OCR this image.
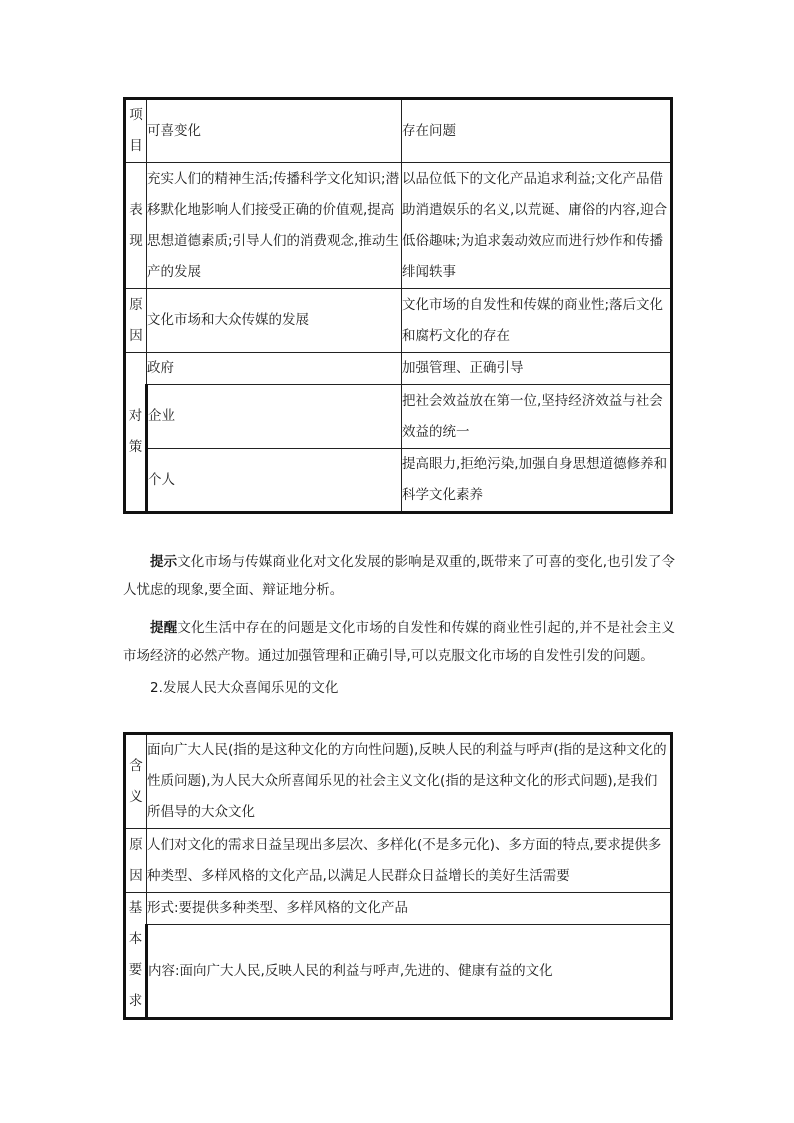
项目	可喜变化	存在问题
表现	充实人们的精神生活;传播科学文化知识;潜移默化地影响人们接受正确的价值观,提高思想道德素质;引导人们的消费观念,推动生产的发展	以品位低下的文化产品追求利益;文化产品借助消遣娱乐的名义,以荒诞、庸俗的内容,迎合低俗趣味;为追求轰动效应而进行炒作和传播绯闻轶事
原因	文化市场和大众传媒的发展	文化市场的自发性和传媒的商业性;落后文化和腐朽文化的存在
对策	政府	加强管理、正确引导
	企业	把社会效益放在第一位,坚持经济效益与社会效益的统一
	个人	提高眼力,拒绝污染,加强自身思想道德修养和科学文化素养

提示文化市场与传媒商业化对文化发展的影响是双重的,既带来了可喜的变化,也引发了令人忧虑的现象,要全面、辩证地分析。

提醒文化生活中存在的问题是文化市场的自发性和传媒的商业性引起的,并不是社会主义市场经济的必然产物。通过加强管理和正确引导,可以克服文化市场的自发性引发的问题。

2.发展人民大众喜闻乐见的文化

含义	面向广大人民(指的是这种文化的方向性问题),反映人民的利益与呼声(指的是这种文化的性质问题),为人民大众所喜闻乐见的社会主义文化(指的是这种文化的形式问题),是我们所倡导的大众文化
原因	人们对文化的需求日益呈现出多层次、多样化(不是多元化)、多方面的特点,要求提供多种类型、多样风格的文化产品,以满足人民群众日益增长的美好生活需要
基本要求	形式:要提供多种类型、多样风格的文化产品
	内容:面向广大人民,反映人民的利益与呼声,先进的、健康有益的文化
